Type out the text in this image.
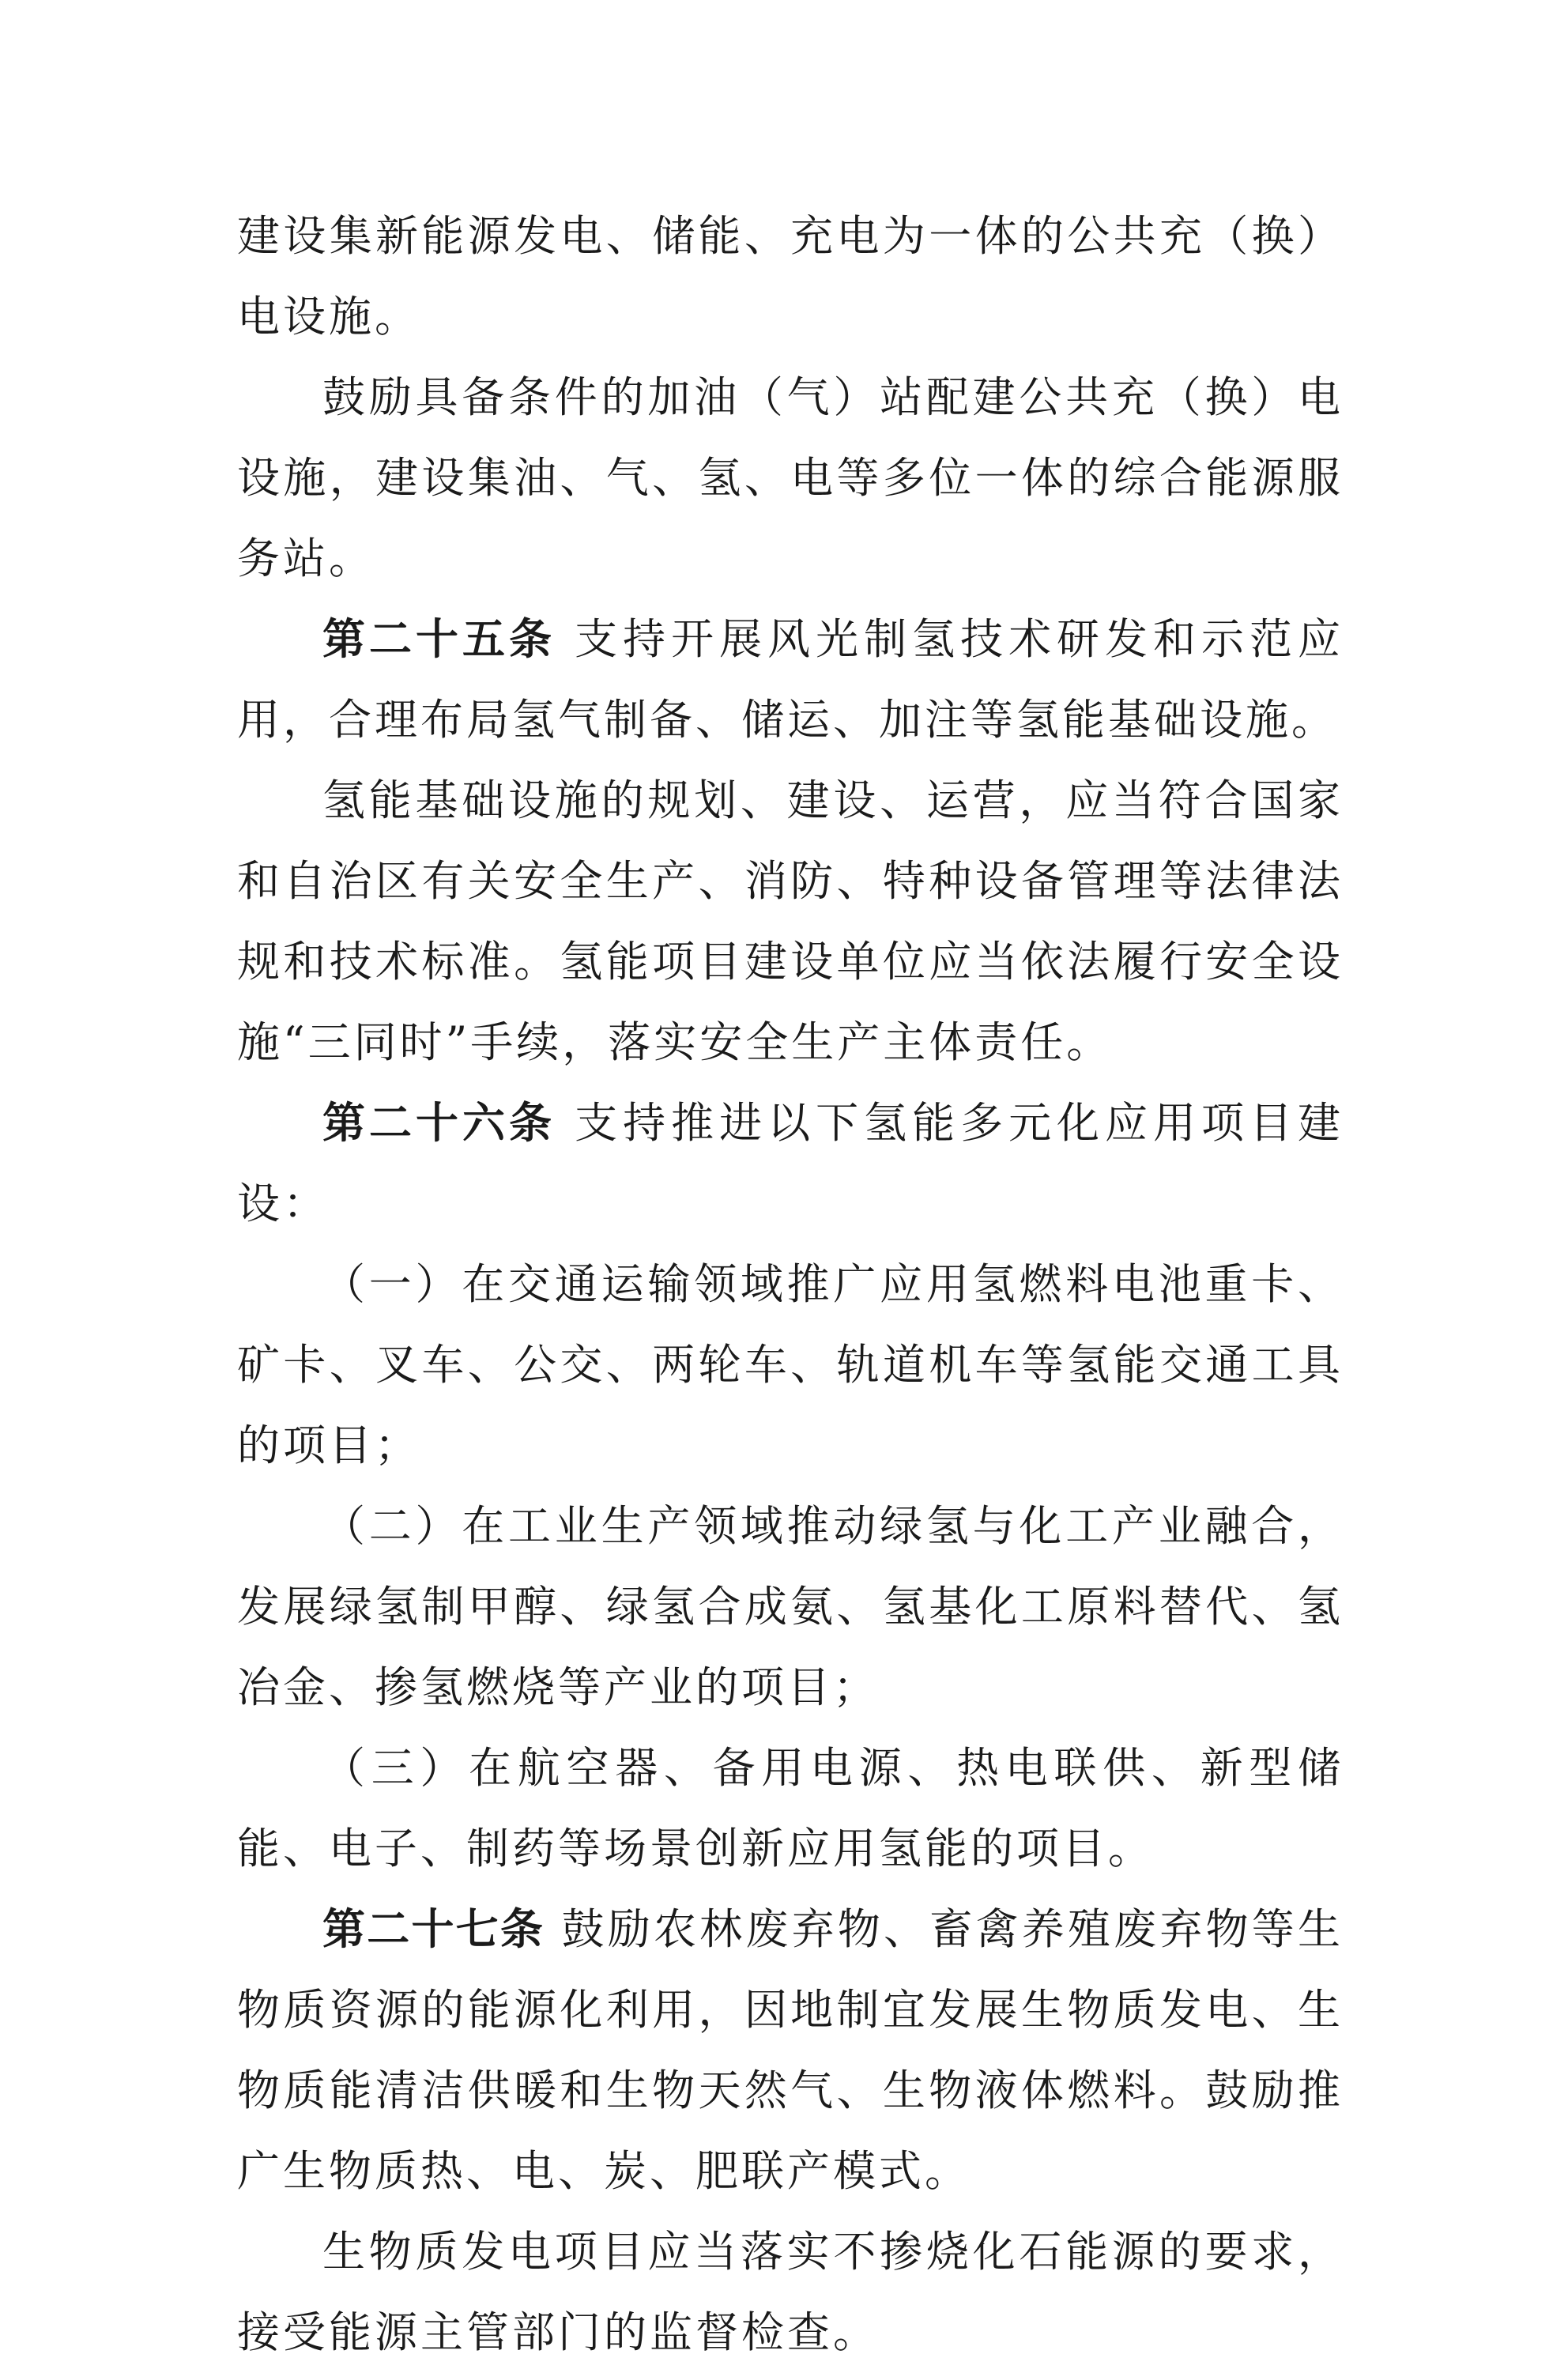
建设集新能源发电、储能、充电为一体的公共充（换）电设施。

鼓励具备条件的加油（气）站配建公共充（换）电设施，建设集油、气、氢、电等多位一体的综合能源服务站。

第二十五条 支持开展风光制氢技术研发和示范应用，合理布局氢气制备、储运、加注等氢能基础设施。

氢能基础设施的规划、建设、运营，应当符合国家和自治区有关安全生产、消防、特种设备管理等法律法规和技术标准。氢能项目建设单位应当依法履行安全设施“三同时”手续，落实安全生产主体责任。

第二十六条 支持推进以下氢能多元化应用项目建设：

（一）在交通运输领域推广应用氢燃料电池重卡、矿卡、叉车、公交、两轮车、轨道机车等氢能交通工具的项目；

（二）在工业生产领域推动绿氢与化工产业融合，发展绿氢制甲醇、绿氢合成氨、氢基化工原料替代、氢冶金、掺氢燃烧等产业的项目；

（三）在航空器、备用电源、热电联供、新型储能、电子、制药等场景创新应用氢能的项目。

第二十七条 鼓励农林废弃物、畜禽养殖废弃物等生物质资源的能源化利用，因地制宜发展生物质发电、生物质能清洁供暖和生物天然气、生物液体燃料。鼓励推广生物质热、电、炭、肥联产模式。

生物质发电项目应当落实不掺烧化石能源的要求，接受能源主管部门的监督检查。
